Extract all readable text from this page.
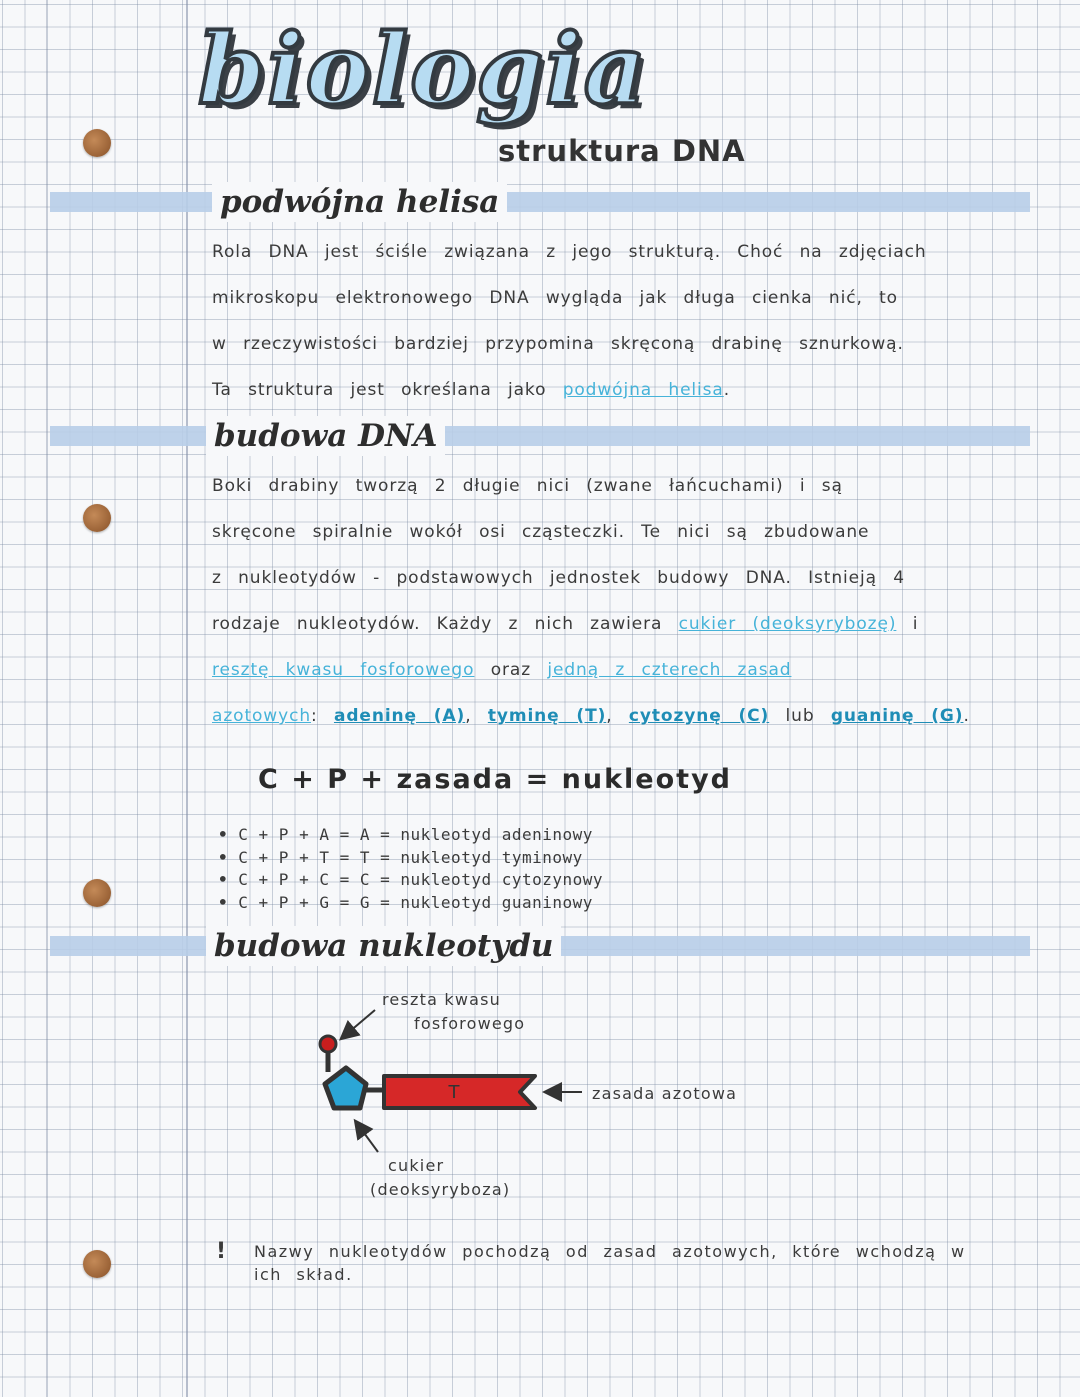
biologia
struktura DNA
podwójna helisa
Rola DNA jest ściśle związana z jego strukturą. Choć na zdjęciach
mikroskopu elektronowego DNA wygląda jak długa cienka nić, to
w rzeczywistości bardziej przypomina skręconą drabinę sznurkową.
Ta struktura jest określana jako podwójna helisa.
budowa DNA
Boki drabiny tworzą 2 długie nici (zwane łańcuchami) i są
skręcone spiralnie wokół osi cząsteczki. Te nici są zbudowane
z nukleotydów - podstawowych jednostek budowy DNA. Istnieją 4
rodzaje nukleotydów. Każdy z nich zawiera cukier (deoksyrybozę) i
resztę kwasu fosforowego oraz jedną z czterech zasad
azotowych: adeninę (A), tyminę (T), cytozynę (C) lub guaninę (G).

C + P + zasada = nukleotyd

• C + P + A = A = nukleotyd adeninowy
• C + P + T = T = nukleotyd tyminowy
• C + P + C = C = nukleotyd cytozynowy
• C + P + G = G = nukleotyd guaninowy
budowa nukleotydu
T

reszta kwasu

fosforowego

zasada azotowa

cukier

(deoksyryboza)

! Nazwy nukleotydów pochodzą od zasad azotowych, które wchodzą w ich skład.
